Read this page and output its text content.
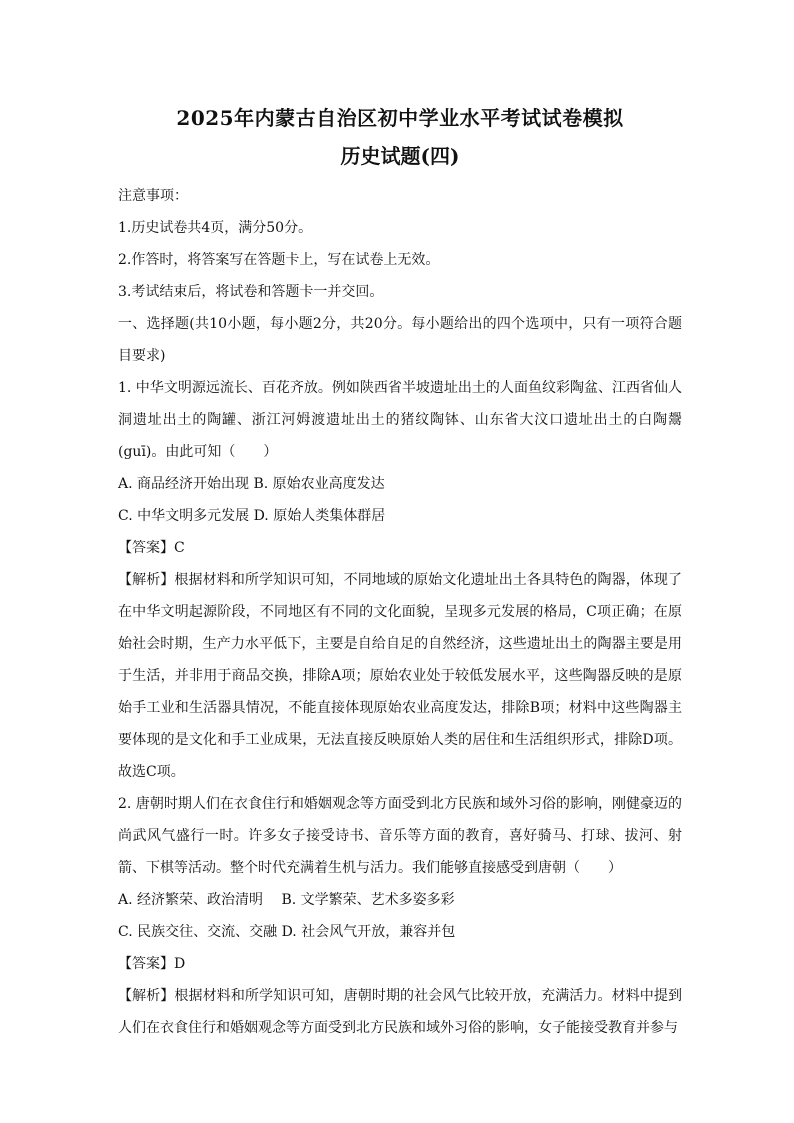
2025年内蒙古自治区初中学业水平考试试卷模拟

历史试题(四)

注意事项：

1.历史试卷共4页，满分50分。

2.作答时，将答案写在答题卡上，写在试卷上无效。

3.考试结束后，将试卷和答题卡一并交回。

一、选择题(共10小题，每小题2分，共20分。每小题给出的四个选项中，只有一项符合题目要求)

1. 中华文明源远流长、百花齐放。例如陕西省半坡遗址出土的人面鱼纹彩陶盆、江西省仙人洞遗址出土的陶罐、浙江河姆渡遗址出土的猪纹陶钵、山东省大汶口遗址出土的白陶鬶(guī)。由此可知（　　）

A. 商品经济开始出现 B. 原始农业高度发达

C. 中华文明多元发展 D. 原始人类集体群居

【答案】C

【解析】根据材料和所学知识可知，不同地域的原始文化遗址出土各具特色的陶器，体现了在中华文明起源阶段，不同地区有不同的文化面貌，呈现多元发展的格局，C项正确；在原始社会时期，生产力水平低下，主要是自给自足的自然经济，这些遗址出土的陶器主要是用于生活，并非用于商品交换，排除A项；原始农业处于较低发展水平，这些陶器反映的是原始手工业和生活器具情况，不能直接体现原始农业高度发达，排除B项；材料中这些陶器主要体现的是文化和手工业成果，无法直接反映原始人类的居住和生活组织形式，排除D项。故选C项。

2. 唐朝时期人们在衣食住行和婚姻观念等方面受到北方民族和域外习俗的影响，刚健豪迈的尚武风气盛行一时。许多女子接受诗书、音乐等方面的教育，喜好骑马、打球、拔河、射箭、下棋等活动。整个时代充满着生机与活力。我们能够直接感受到唐朝（　　）

A. 经济繁荣、政治清明　 B. 文学繁荣、艺术多姿多彩

C. 民族交往、交流、交融 D. 社会风气开放，兼容并包

【答案】D

【解析】根据材料和所学知识可知，唐朝时期的社会风气比较开放，充满活力。材料中提到人们在衣食住行和婚姻观念等方面受到北方民族和域外习俗的影响，女子能接受教育并参与
